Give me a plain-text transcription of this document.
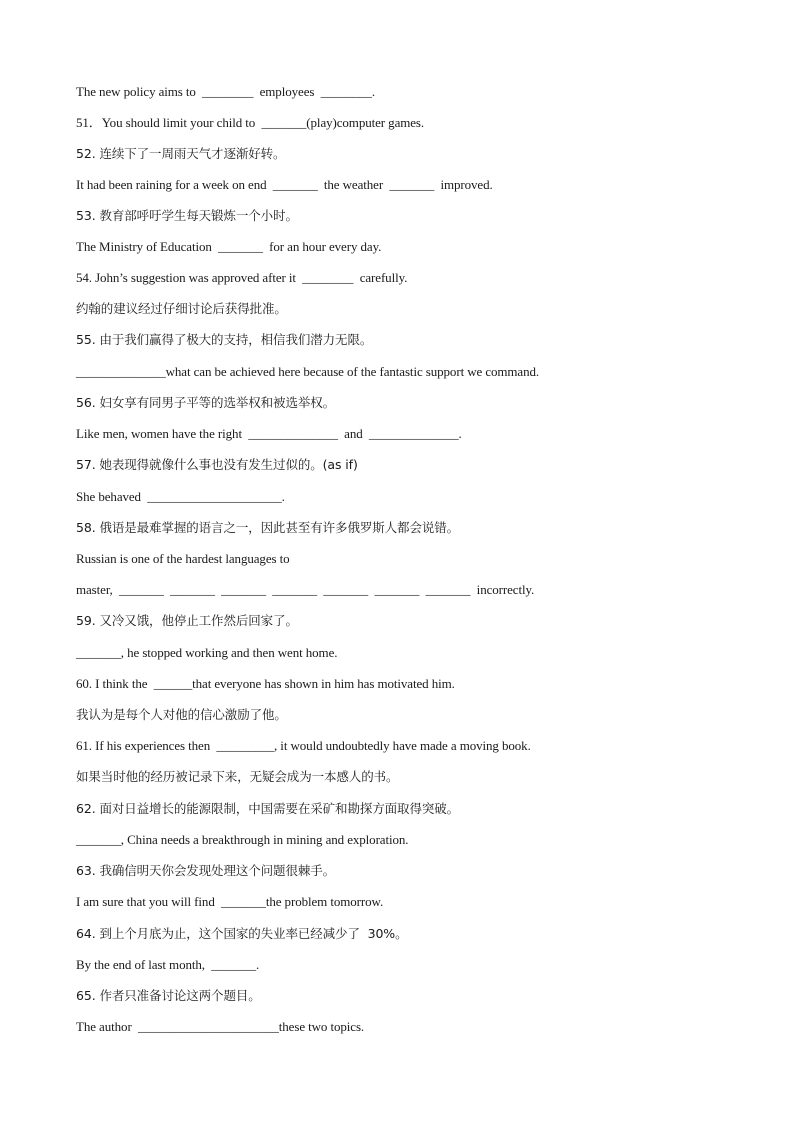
The new policy aims to  ________  employees  ________.
51．You should limit your child to  _______(play)computer games.
52. 连续下了一周雨天气才逐渐好转。
It had been raining for a week on end  _______  the weather  _______  improved.
53. 教育部呼吁学生每天锻炼一个小时。
The Ministry of Education  _______  for an hour every day.
54. John’s suggestion was approved after it  ________  carefully.
约翰的建议经过仔细讨论后获得批准。
55. 由于我们赢得了极大的支持，相信我们潜力无限。
______________what can be achieved here because of the fantastic support we command.
56. 妇女享有同男子平等的选举权和被选举权。
Like men, women have the right  ______________  and  ______________.
57. 她表现得就像什么事也没有发生过似的。(as if)
She behaved  _____________________.
58. 俄语是最难掌握的语言之一，因此甚至有许多俄罗斯人都会说错。
Russian is one of the hardest languages to
master,  _______  _______  _______  _______  _______  _______  _______  incorrectly.
59. 又冷又饿，他停止工作然后回家了。
_______, he stopped working and then went home.
60. I think the  ______that everyone has shown in him has motivated him.
我认为是每个人对他的信心激励了他。
61. If his experiences then  _________, it would undoubtedly have made a moving book.
如果当时他的经历被记录下来，无疑会成为一本感人的书。
62. 面对日益增长的能源限制，中国需要在采矿和勘探方面取得突破。
_______, China needs a breakthrough in mining and exploration.
63. 我确信明天你会发现处理这个问题很棘手。
I am sure that you will find  _______the problem tomorrow.
64. 到上个月底为止，这个国家的失业率已经减少了  30%。
By the end of last month,  _______.
65. 作者只准备讨论这两个题目。
The author  ______________________these two topics.
